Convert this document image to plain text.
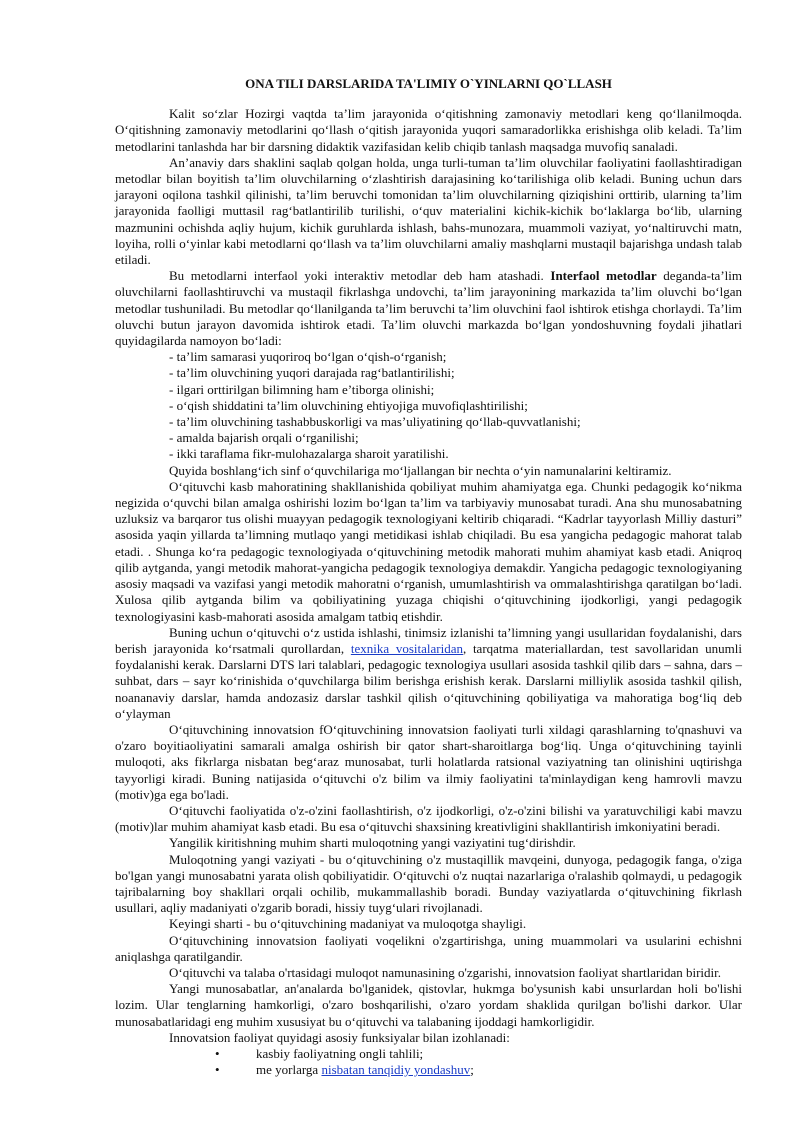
ONA TILI DARSLARIDA TA'LIMIY O`YINLARNI QO`LLASH

Kalit so‘zlar Hozirgi vaqtda ta’lim jarayonida o‘qitishning zamonaviy metodlari keng qo‘llanilmoqda. O‘qitishning zamonaviy metodlarini qo‘llash o‘qitish jarayonida yuqori samaradorlikka erishishga olib keladi. Ta’lim metodlarini tanlashda har bir darsning didaktik vazifasidan kelib chiqib tanlash maqsadga muvofiq sanaladi.

An’anaviy dars shaklini saqlab qolgan holda, unga turli-tuman ta’lim oluvchilar faoliyatini faollashtiradigan metodlar bilan boyitish ta’lim oluvchilarning o‘zlashtirish darajasining ko‘tarilishiga olib keladi. Buning uchun dars jarayoni oqilona tashkil qilinishi, ta’lim beruvchi tomonidan ta’lim oluvchilarning qiziqishini orttirib, ularning ta’lim jarayonida faolligi muttasil rag‘batlantirilib turilishi, o‘quv materialini kichik-kichik bo‘laklarga bo‘lib, ularning mazmunini ochishda aqliy hujum, kichik guruhlarda ishlash, bahs-munozara, muammoli vaziyat, yo‘naltiruvchi matn, loyiha, rolli o‘yinlar kabi metodlarni qo‘llash va ta’lim oluvchilarni amaliy mashqlarni mustaqil bajarishga undash talab etiladi.

Bu metodlarni interfaol yoki interaktiv metodlar deb ham atashadi. Interfaol metodlar deganda-ta’lim oluvchilarni faollashtiruvchi va mustaqil fikrlashga undovchi, ta’lim jarayonining markazida ta’lim oluvchi bo‘lgan metodlar tushuniladi. Bu metodlar qo‘llanilganda ta’lim beruvchi ta’lim oluvchini faol ishtirok etishga chorlaydi. Ta’lim oluvchi butun jarayon davomida ishtirok etadi. Ta’lim oluvchi markazda bo‘lgan yondoshuvning foydali jihatlari quyidagilarda namoyon bo‘ladi:

- ta’lim samarasi yuqoriroq bo‘lgan o‘qish-o‘rganish;

- ta’lim oluvchining yuqori darajada rag‘batlantirilishi;

- ilgari orttirilgan bilimning ham e’tiborga olinishi;

- o‘qish shiddatini ta’lim oluvchining ehtiyojiga muvofiqlashtirilishi;

- ta’lim oluvchining tashabbuskorligi va mas’uliyatining qo‘llab-quvvatlanishi;

- amalda bajarish orqali o‘rganilishi;

- ikki taraflama fikr-mulohazalarga sharoit yaratilishi.

Quyida boshlang‘ich sinf o‘quvchilariga mo‘ljallangan bir nechta o‘yin namunalarini keltiramiz.

O‘qituvchi kasb mahoratining shakllanishida qobiliyat muhim ahamiyatga ega. Chunki pedagogik ko‘nikma negizida o‘quvchi bilan amalga oshirishi lozim bo‘lgan ta’lim va tarbiyaviy munosabat turadi. Ana shu munosabatning uzluksiz va barqaror tus olishi muayyan pedagogik texnologiyani keltirib chiqaradi. “Kadrlar tayyorlash Milliy dasturi” asosida yaqin yillarda ta’limning mutlaqo yangi metidikasi ishlab chiqiladi. Bu esa yangicha pedagogic mahorat talab etadi. . Shunga ko‘ra pedagogic texnologiyada o‘qituvchining metodik mahorati muhim ahamiyat kasb etadi. Aniqroq qilib aytganda, yangi metodik mahorat-yangicha pedagogik texnologiya demakdir. Yangicha pedagogic texnologiyaning asosiy maqsadi va vazifasi yangi metodik mahoratni o‘rganish, umumlashtirish va ommalashtirishga qaratilgan bo‘ladi. Xulosa qilib aytganda bilim va qobiliyatining yuzaga chiqishi o‘qituvchining ijodkorligi, yangi pedagogik texnologiyasini kasb-mahorati asosida amalgam tatbiq etishdir.

Buning uchun o‘qituvchi o‘z ustida ishlashi, tinimsiz izlanishi ta’limning yangi usullaridan foydalanishi, dars berish jarayonida ko‘rsatmali qurollardan, texnika vositalaridan, tarqatma materiallardan, test savollaridan unumli foydalanishi kerak. Darslarni DTS lari talablari, pedagogic texnologiya usullari asosida tashkil qilib dars – sahna, dars –suhbat, dars – sayr ko‘rinishida o‘quvchilarga bilim berishga erishish kerak. Darslarni milliylik asosida tashkil qilish, noananaviy darslar, hamda andozasiz darslar tashkil qilish o‘qituvchining qobiliyatiga va mahoratiga bog‘liq deb o‘ylayman

O‘qituvchining innovatsion fO‘qituvchining innovatsion faoliyati turli xildagi qarashlarning to'qnashuvi va o'zaro boyitiaoliyatini samarali amalga oshirish bir qator shart-sharoitlarga bog‘liq. Unga o‘qituvchining tayinli muloqoti, aks fikrlarga nisbatan beg‘araz munosabat, turli holatlarda ratsional vaziyatning tan olinishini uqtirishga tayyorligi kiradi. Buning natijasida o‘qituvchi o'z bilim va ilmiy faoliyatini ta'minlaydigan keng hamrovli mavzu (motiv)ga ega bo'ladi.

O‘qituvchi faoliyatida o'z-o'zini faollashtirish, o'z ijodkorligi, o'z-o'zini bilishi va yaratuvchiligi kabi mavzu (motiv)lar muhim ahamiyat kasb etadi. Bu esa o‘qituvchi shaxsining kreativligini shakllantirish imkoniyatini beradi.

Yangilik kiritishning muhim sharti muloqotning yangi vaziyatini tug‘dirishdir.

Muloqotning yangi vaziyati - bu o‘qituvchining o'z mustaqillik mavqeini, dunyoga, pedagogik fanga, o'ziga bo'lgan yangi munosabatni yarata olish qobiliyatidir. O‘qituvchi o'z nuqtai nazarlariga o'ralashib qolmaydi, u pedagogik tajribalarning boy shakllari orqali ochilib, mukammallashib boradi. Bunday vaziyatlarda o‘qituvchining fikrlash usullari, aqliy madaniyati o'zgarib boradi, hissiy tuyg‘ulari rivojlanadi.

Keyingi sharti - bu o‘qituvchining madaniyat va muloqotga shayligi.

O‘qituvchining innovatsion faoliyati voqelikni o'zgartirishga, uning muammolari va usularini echishni aniqlashga qaratilgandir.

O‘qituvchi va talaba o'rtasidagi muloqot namunasining o'zgarishi, innovatsion faoliyat shartlaridan biridir.

Yangi munosabatlar, an'analarda bo'lganidek, qistovlar, hukmga bo'ysunish kabi unsurlardan holi bo'lishi lozim. Ular tenglarning hamkorligi, o'zaro boshqarilishi, o'zaro yordam shaklida qurilgan bo'lishi darkor. Ular munosabatlaridagi eng muhim xususiyat bu o‘qituvchi va talabaning ijoddagi hamkorligidir.

Innovatsion faoliyat quyidagi asosiy funksiyalar bilan izohlanadi:

•	kasbiy faoliyatning ongli tahlili;
•	me yorlarga nisbatan tanqidiy yondashuv;
